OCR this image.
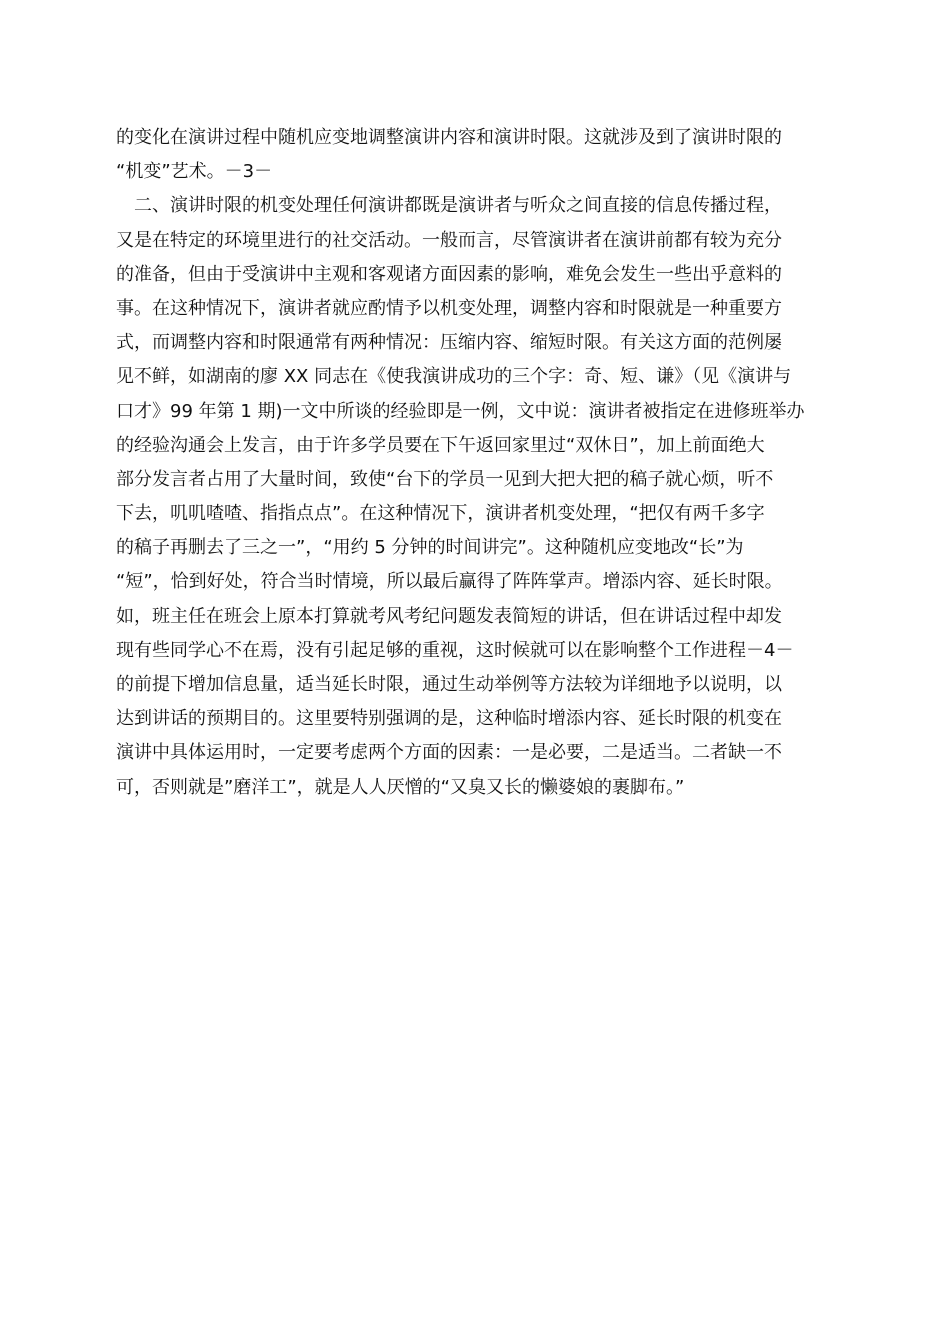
的变化在演讲过程中随机应变地调整演讲内容和演讲时限。这就涉及到了演讲时限的
“机变”艺术。－3－
二、演讲时限的机变处理任何演讲都既是演讲者与听众之间直接的信息传播过程，
又是在特定的环境里进行的社交活动。一般而言，尽管演讲者在演讲前都有较为充分
的准备，但由于受演讲中主观和客观诸方面因素的影响，难免会发生一些出乎意料的
事。在这种情况下，演讲者就应酌情予以机变处理，调整内容和时限就是一种重要方
式，而调整内容和时限通常有两种情况：压缩内容、缩短时限。有关这方面的范例屡
见不鲜，如湖南的廖 XX 同志在《使我演讲成功的三个字：奇、短、谦》（见《演讲与
口才》99 年第 1 期)一文中所谈的经验即是一例，文中说：演讲者被指定在进修班举办
的经验沟通会上发言，由于许多学员要在下午返回家里过“双休日”，加上前面绝大
部分发言者占用了大量时间，致使“台下的学员一见到大把大把的稿子就心烦，听不
下去，叽叽喳喳、指指点点”。在这种情况下，演讲者机变处理，“把仅有两千多字
的稿子再删去了三之一”，“用约 5 分钟的时间讲完”。这种随机应变地改“长”为
“短”，恰到好处，符合当时情境，所以最后赢得了阵阵掌声。增添内容、延长时限。
如，班主任在班会上原本打算就考风考纪问题发表简短的讲话，但在讲话过程中却发
现有些同学心不在焉，没有引起足够的重视，这时候就可以在影响整个工作进程－4－
的前提下增加信息量，适当延长时限，通过生动举例等方法较为详细地予以说明，以
达到讲话的预期目的。这里要特别强调的是，这种临时增添内容、延长时限的机变在
演讲中具体运用时，一定要考虑两个方面的因素：一是必要，二是适当。二者缺一不
可，否则就是”磨洋工”，就是人人厌憎的“又臭又长的懒婆娘的裹脚布。”
